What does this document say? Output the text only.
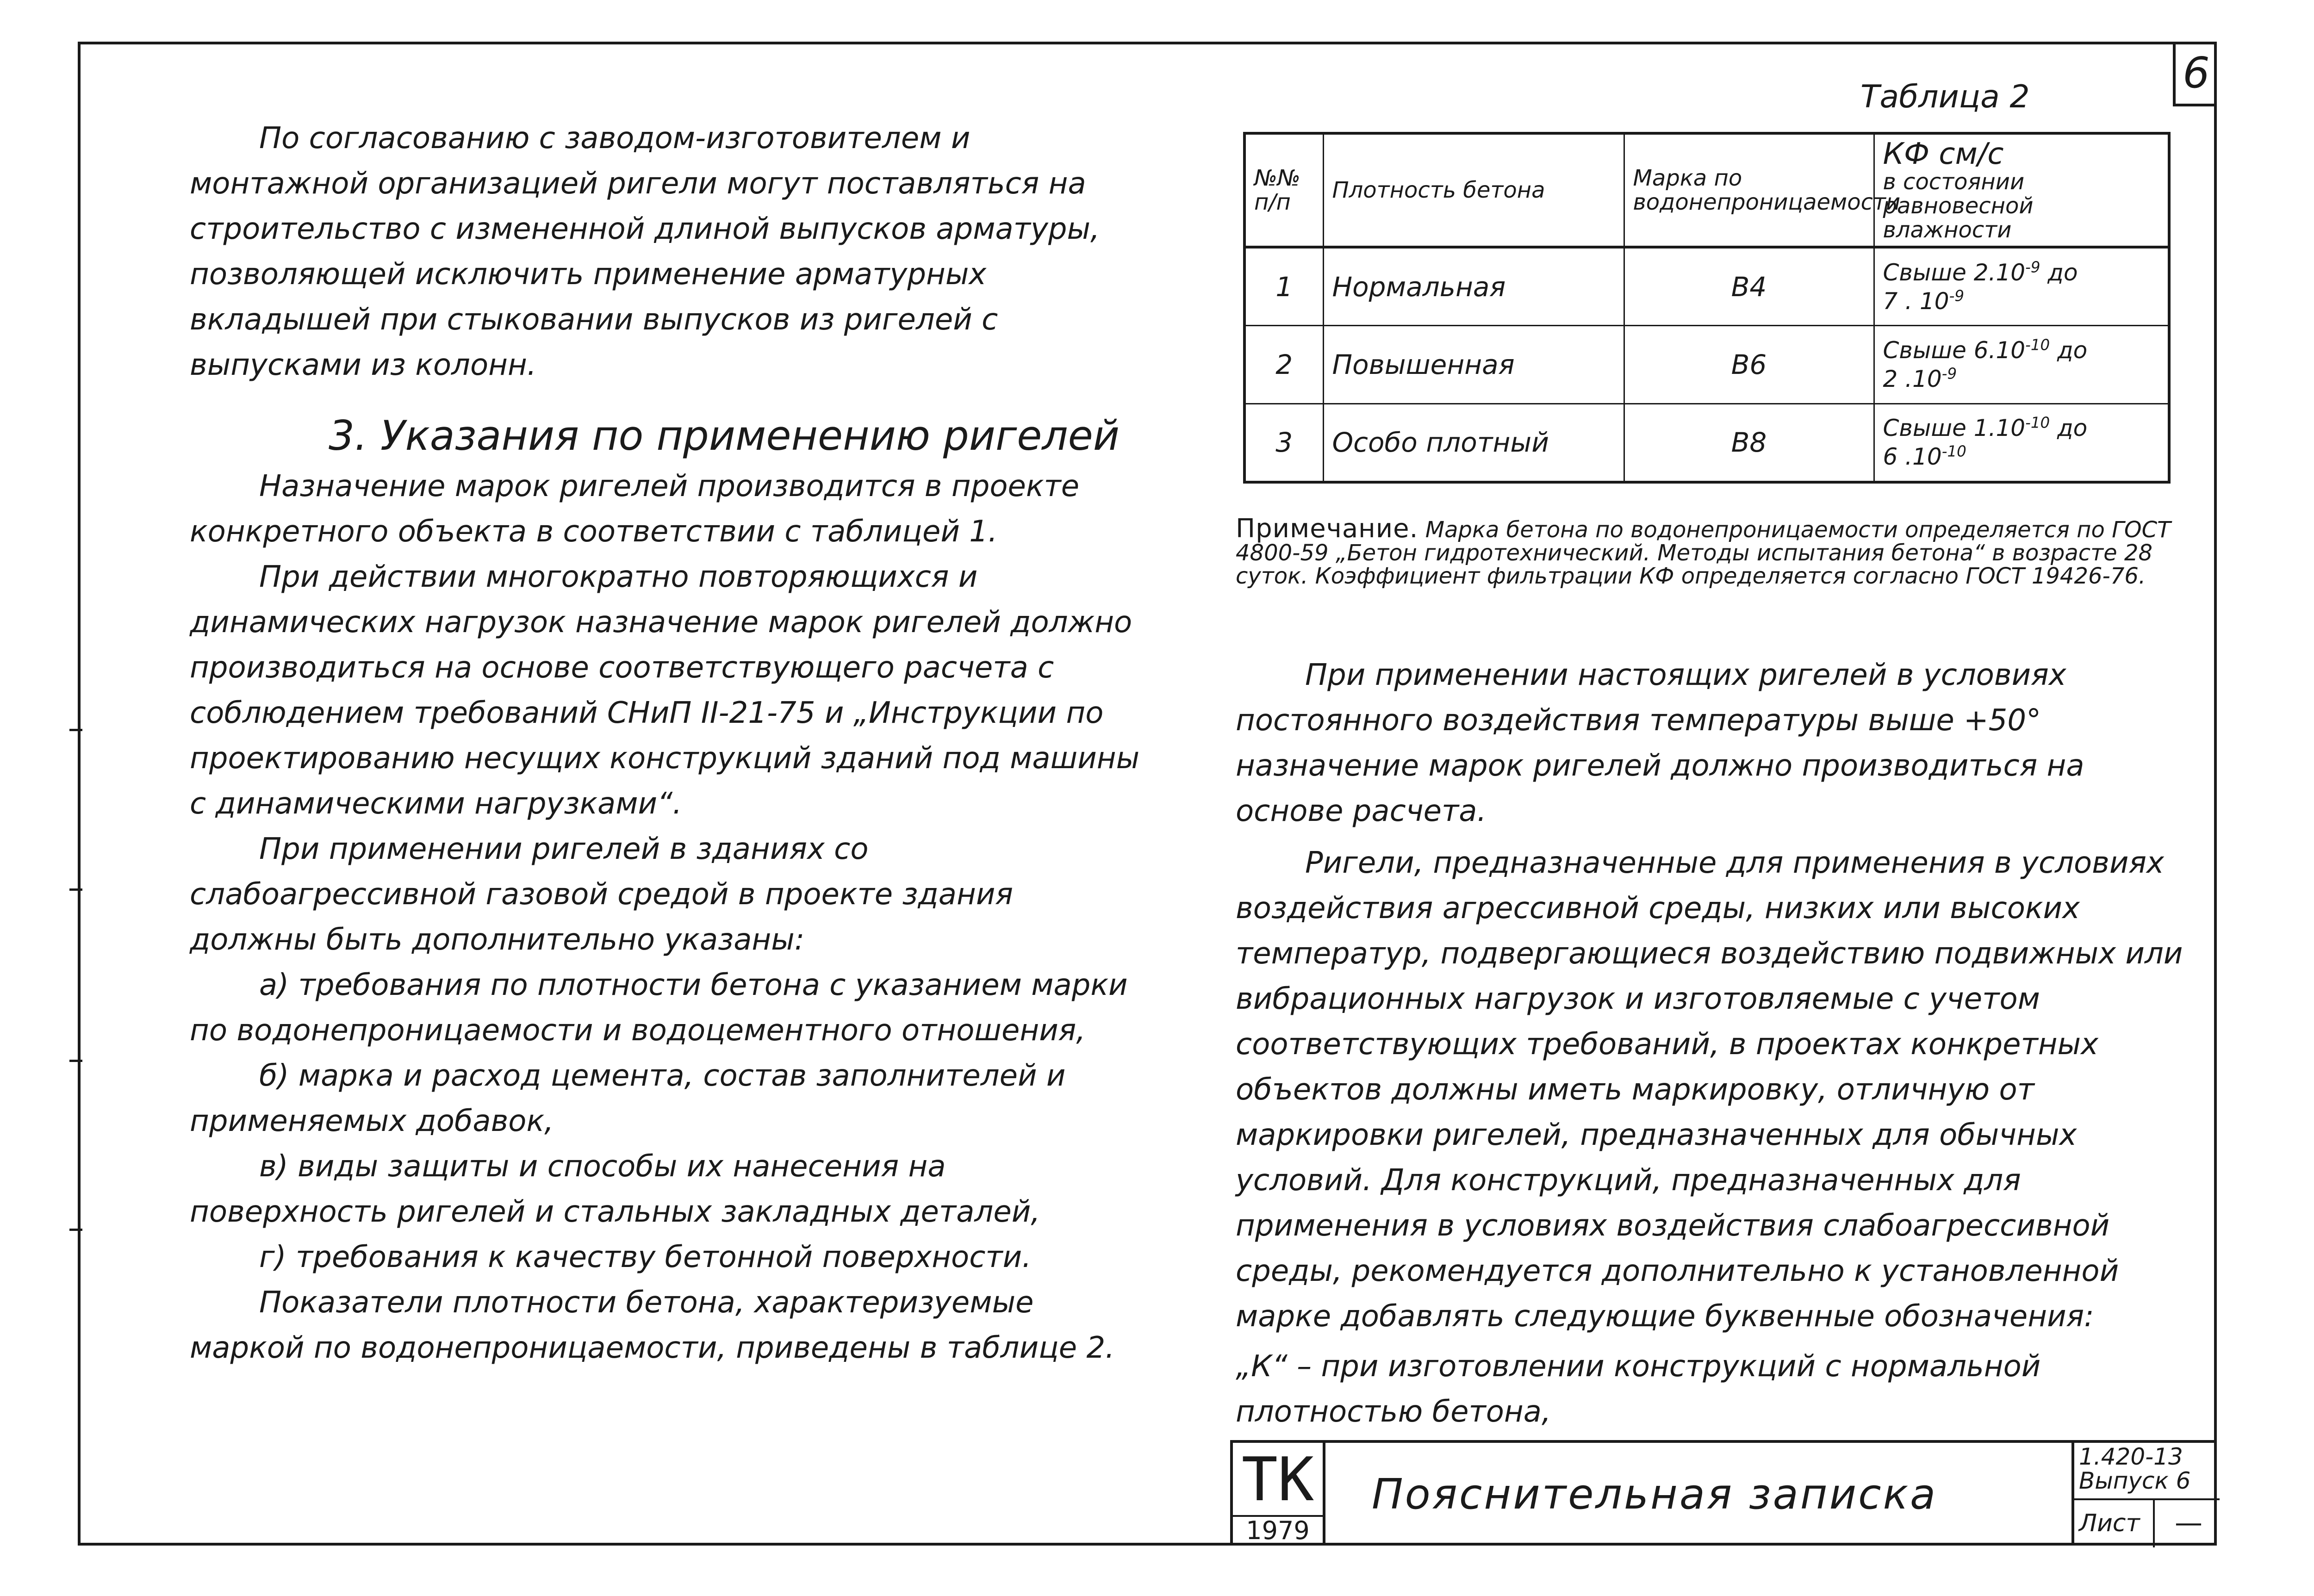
6

По согласованию с заводом-изготовителем и монтажной организацией ригели могут поставляться на строительство с измененной длиной выпусков арматуры, позволяющей исключить применение арматурных вкладышей при стыковании выпусков из ригелей с выпусками из колонн.

3. Указания по применению ригелей

Назначение марок ригелей производится в проекте конкретного объекта в соответствии с таблицей 1.

При действии многократно повторяющихся и динамических нагрузок назначение марок ригелей должно производиться на основе соответствующего расчета с соблюдением требований СНиП II-21-75 и „Инструкции по проектированию несущих конструкций зданий под машины с динамическими нагрузками“.

При применении ригелей в зданиях со слабоагрессивной газовой средой в проекте здания должны быть дополнительно указаны:

а) требования по плотности бетона с указанием марки по водонепроницаемости и водоцементного отношения,

б) марка и расход цемента, состав заполнителей и применяемых добавок,

в) виды защиты и способы их нанесения на поверхность ригелей и стальных закладных деталей,

г) требования к качеству бетонной поверхности.

Показатели плотности бетона, характеризуемые маркой по водонепроницаемости, приведены в таблице 2.

Таблица 2
№№ п/п	Плотность бетона	Марка по водонепроницаемости	КФ см/с
в состоянии равновесной влажности

1	Нормальная	В4	Свыше $2.10^{-9}$ до
7 . $10^{-9}$
2	Повышенная	В6	Свыше $6.10^{-10}$ до
2 $.10^{-9}$
3	Особо плотный	В8	Свыше $1.10^{-10}$ до
6 $.10^{-10}$
Примечание. Марка бетона по водонепроницаемости определяется по ГОСТ 4800-59 „Бетон гидротехнический. Методы испытания бетона“ в возрасте 28 суток. Коэффициент фильтрации КФ определяется согласно ГОСТ 19426-76.

При применении настоящих ригелей в условиях постоянного воздействия температуры выше +50° назначение марок ригелей должно производиться на основе расчета.

Ригели, предназначенные для применения в условиях воздействия агрессивной среды, низких или высоких температур, подвергающиеся воздействию подвижных или вибрационных нагрузок и изготовляемые с учетом соответствующих требований, в проектах конкретных объектов должны иметь маркировку, отличную от маркировки ригелей, предназначенных для обычных условий. Для конструкций, предназначенных для применения в условиях воздействия слабоагрессивной среды, рекомендуется дополнительно к установленной марке добавлять следующие буквенные обозначения:

„К“ – при изготовлении конструкций с нормальной плотностью бетона,

ТК
1979
Пояснительная записка
1.420-13
Выпуск 6
Лист	—
